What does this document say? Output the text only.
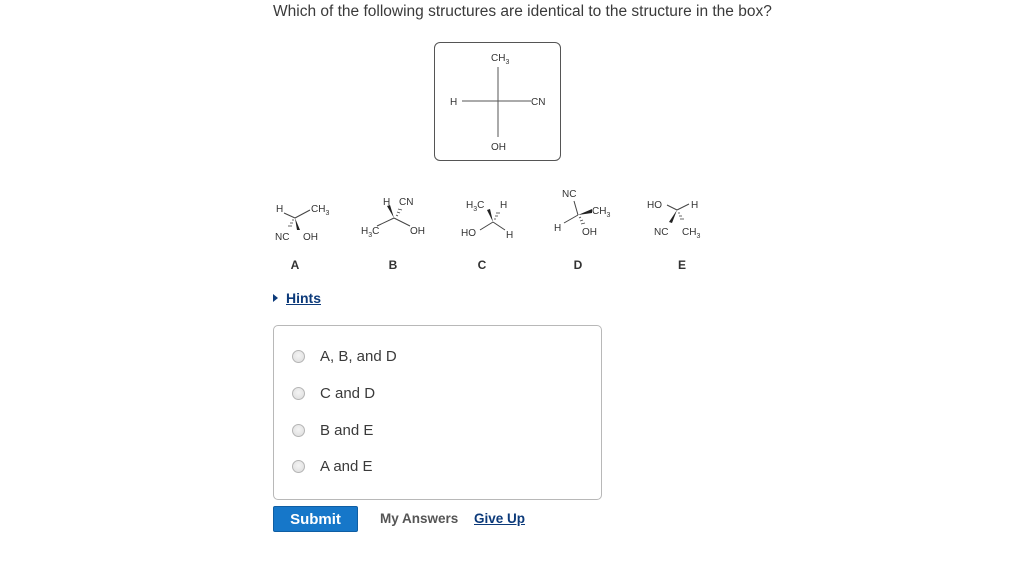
Which of the following structures are identical to the structure in the box?
$CH_3$
H	CN
OH
H	$CH_3$
NC OH
A
H CN
$H_3C$	OH
B
$H_3C$ H
HO	H
C
NC
$CH_3$
H OH
D
HO	H
NC $CH_3$
E
Hints
A, B, and D
C and D
B and E
A and E
Submit	My Answers Give Up
